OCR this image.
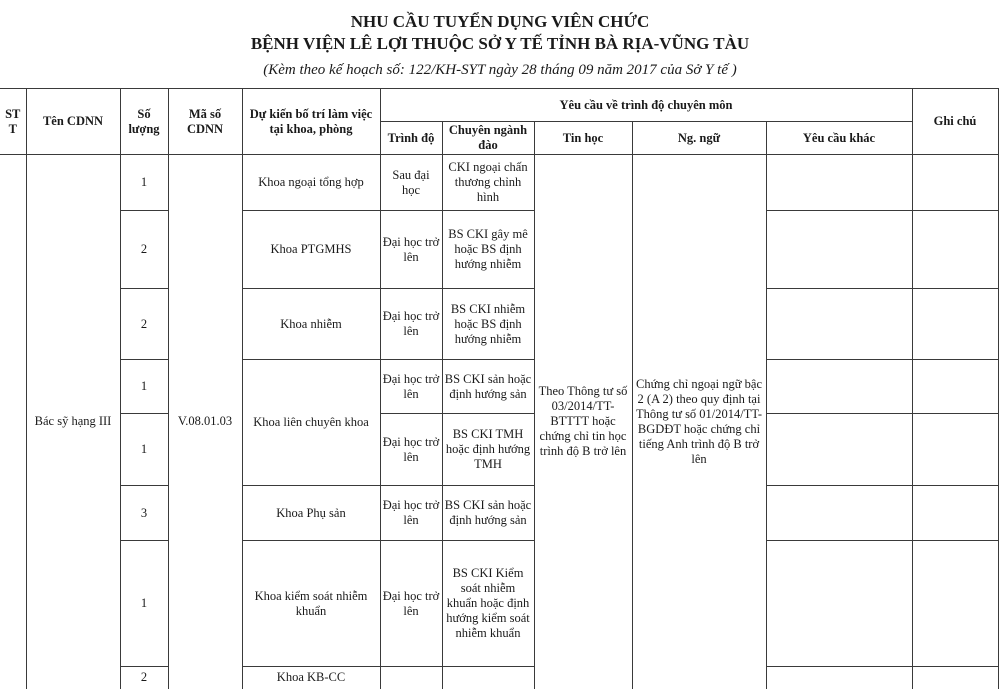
NHU CẦU TUYỂN DỤNG VIÊN CHỨC
BỆNH VIỆN LÊ LỢI THUỘC SỞ Y TẾ TỈNH BÀ RỊA-VŨNG TÀU
(Kèm theo kế hoạch số: 122/KH-SYT ngày 28 tháng 09 năm 2017 của Sở Y tế )
ST T	Tên CDNN	Số lượng	Mã số CDNN	Dự kiến bố trí làm việc tại khoa, phòng	Yêu cầu về trình độ chuyên môn					Ghi chú
					Trình độ	Chuyên ngành đào	Tin học	Ng. ngữ	Yêu cầu khác	
	Bác sỹ hạng III	1	V.08.01.03	Khoa ngoại tổng hợp	Sau đại học	CKI ngoại chấn thương chỉnh hình	Theo Thông tư số 03/2014/TT-BTTTT hoặc chứng chỉ tin học trình độ B trở lên	Chứng chỉ ngoại ngữ bậc 2 (A 2) theo quy định tại Thông tư số 01/2014/TT-BGDĐT hoặc chứng chỉ tiếng Anh trình độ B trở lên		
		2		Khoa PTGMHS	Đại học trở lên	BS CKI gây mê hoặc BS định hướng nhiễm				
		2		Khoa nhiễm	Đại học trở lên	BS CKI nhiễm hoặc BS định hướng nhiễm				
		1		Khoa liên chuyên khoa	Đại học trở lên	BS CKI sản hoặc định hướng sản				
		1			Đại học trở lên	BS CKI TMH hoặc định hướng TMH				
		3		Khoa Phụ sản	Đại học trở lên	BS CKI sản hoặc định hướng sản				
		1		Khoa kiểm soát nhiễm khuẩn	Đại học trở lên	BS CKI Kiểm soát nhiễm khuẩn hoặc định hướng kiểm soát nhiễm khuẩn				
		2		Khoa KB-CC						
